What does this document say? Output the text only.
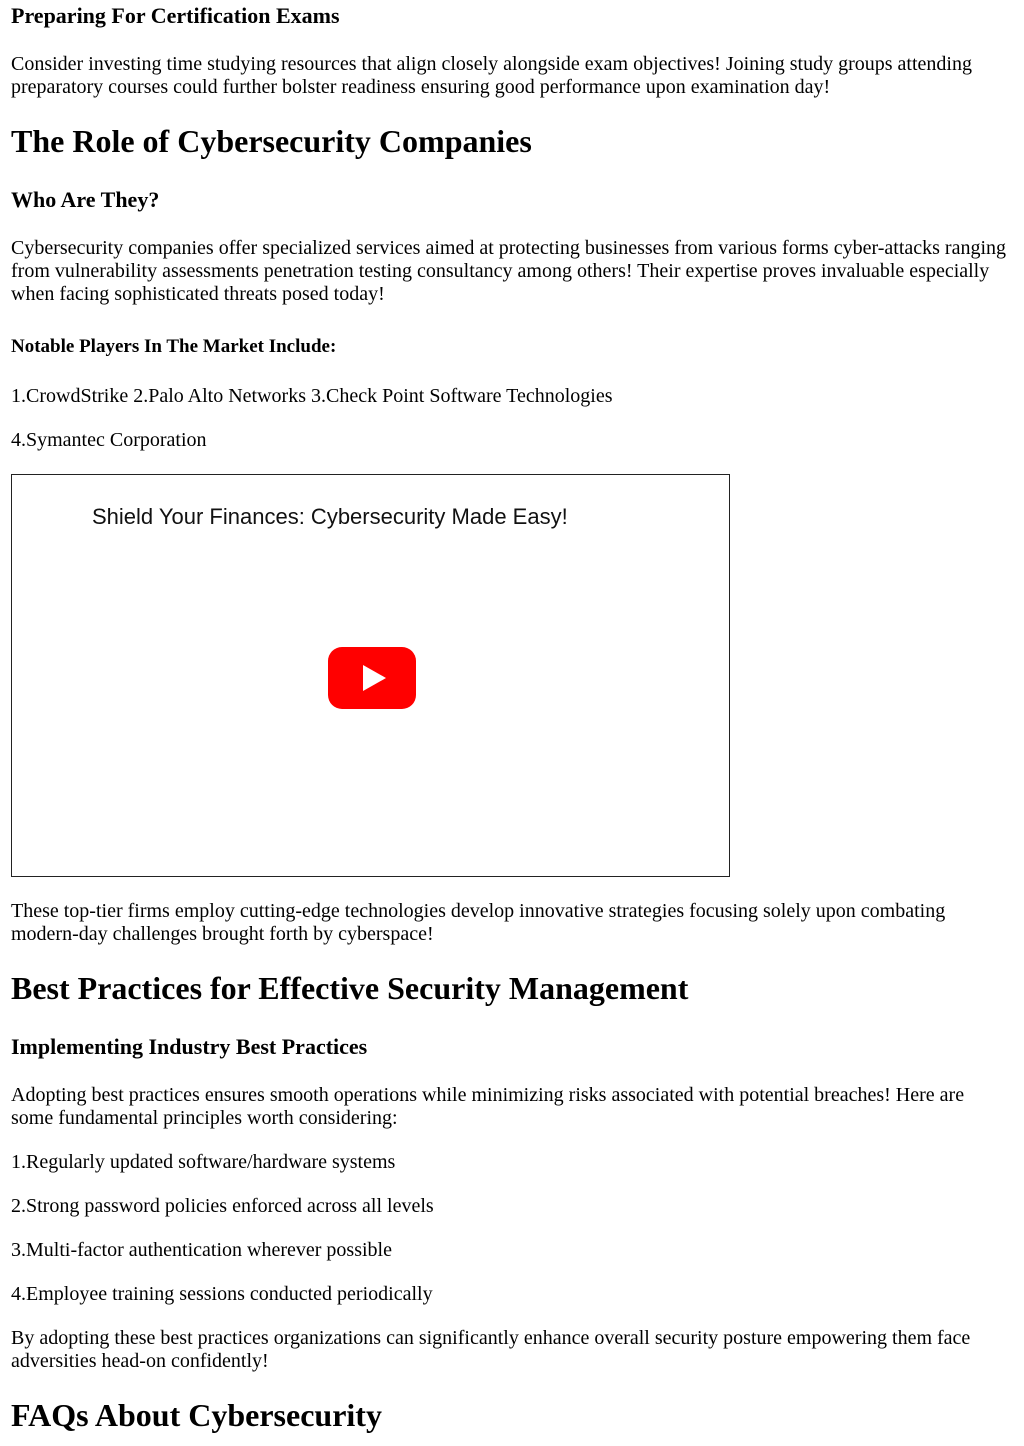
Preparing For Certification Exams
Consider investing time studying resources that align closely alongside exam objectives! Joining study groups attending preparatory courses could further bolster readiness ensuring good performance upon examination day!
The Role of Cybersecurity Companies
Who Are They?
Cybersecurity companies offer specialized services aimed at protecting businesses from various forms cyber-attacks ranging from vulnerability assessments penetration testing consultancy among others! Their expertise proves invaluable especially when facing sophisticated threats posed today!
Notable Players In The Market Include:
1.CrowdStrike 2.Palo Alto Networks 3.Check Point Software Technologies
4.Symantec Corporation
Shield Your Finances: Cybersecurity Made Easy!
These top-tier firms employ cutting-edge technologies develop innovative strategies focusing solely upon combating modern-day challenges brought forth by cyberspace!
Best Practices for Effective Security Management
Implementing Industry Best Practices
Adopting best practices ensures smooth operations while minimizing risks associated with potential breaches! Here are some fundamental principles worth considering:
1.Regularly updated software/hardware systems
2.Strong password policies enforced across all levels
3.Multi-factor authentication wherever possible
4.Employee training sessions conducted periodically
By adopting these best practices organizations can significantly enhance overall security posture empowering them face adversities head-on confidently!
FAQs About Cybersecurity
